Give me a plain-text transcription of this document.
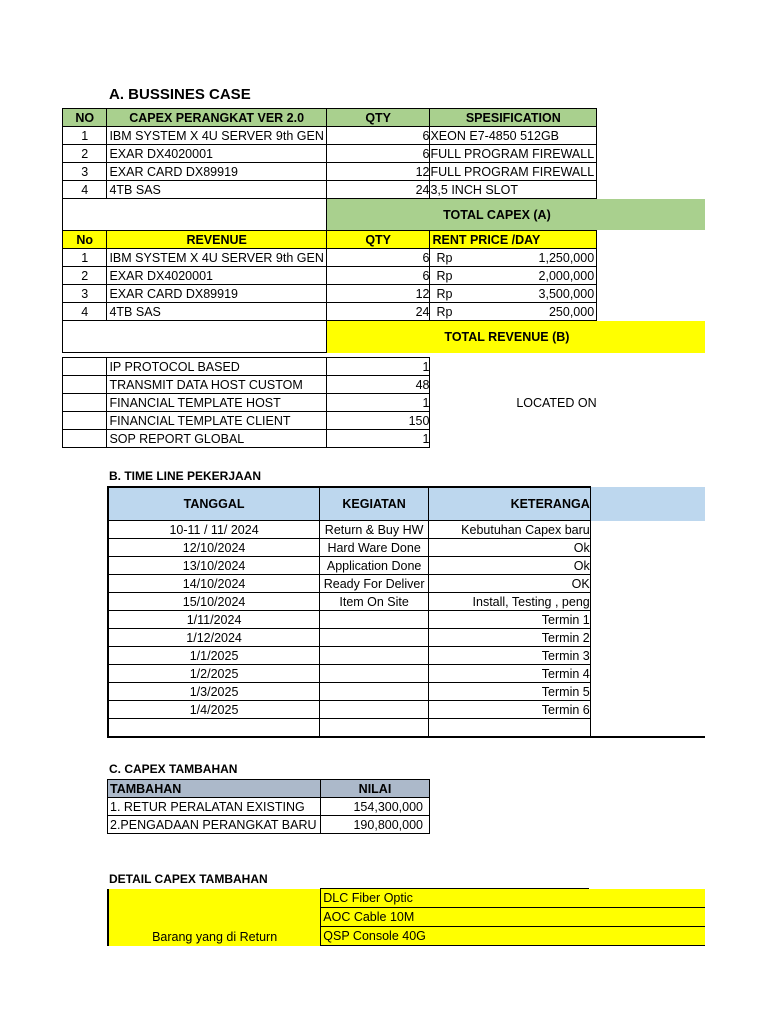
A. BUSSINES CASE
NO	CAPEX PERANGKAT VER 2.0	QTY	SPESIFICATION	
1	IBM SYSTEM X 4U SERVER 9th GEN	6	XEON E7-4850 512GB	
2	EXAR DX4020001	6	FULL PROGRAM FIREWALL	
3	EXAR CARD DX89919	12	FULL PROGRAM FIREWALL	
4	4TB SAS	24	3,5 INCH SLOT	
		TOTAL CAPEX (A)		
No	REVENUE	QTY	RENT PRICE /DAY	
1	IBM SYSTEM X 4U SERVER 9th GEN	6	Rp 1,250,000	

2	EXAR DX4020001	6	Rp 2,000,000	

3	EXAR CARD DX89919	12	Rp 3,500,000	

4	4TB SAS	24	Rp 250,000	

		TOTAL REVENUE (B)		

	IP PROTOCOL BASED	1	LOCATED ON	
	TRANSMIT DATA HOST CUSTOM	48		
	FINANCIAL TEMPLATE HOST	1		
	FINANCIAL TEMPLATE CLIENT	150		
	SOP REPORT GLOBAL	1		
B. TIME LINE PEKERJAAN
TANGGAL	KEGIATAN	KETERANGA	
10-11 / 11/ 2024	Return & Buy HW	Kebutuhan Capex baru	
12/10/2024	Hard Ware Done	Ok	
13/10/2024	Application Done	Ok	
14/10/2024	Ready For Deliver	OK	
15/10/2024	Item On Site	Install, Testing , peng	
1/11/2024		Termin 1	
1/12/2024		Termin 2	
1/1/2025		Termin 3	
1/2/2025		Termin 4	
1/3/2025		Termin 5	
1/4/2025		Termin 6	

C. CAPEX TAMBAHAN
TAMBAHAN	NILAI
1. RETUR PERALATAN EXISTING	154,300,000
2.PENGADAAN PERANGKAT BARU	190,800,000
DETAIL CAPEX TAMBAHAN
Barang yang di Return	DLC Fiber Optic	
	AOC Cable 10M	
	QSP Console 40G	
